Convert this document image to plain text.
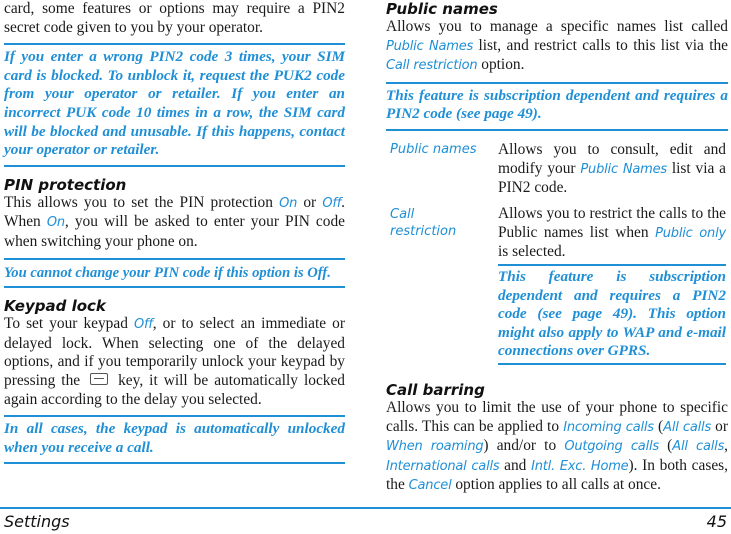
card, some features or options may require a PIN2 secret code given to you by your operator.

If you enter a wrong PIN2 code 3 times, your SIM card is blocked. To unblock it, request the PUK2 code from your operator or retailer. If you enter an incorrect PUK code 10 times in a row, the SIM card will be blocked and unusable. If this happens, contact your operator or retailer.

PIN protection

This allows you to set the PIN protection On or Off. When On, you will be asked to enter your PIN code when switching your phone on.

You cannot change your PIN code if this option is Off.

Keypad lock

To set your keypad Off, or to select an immediate or delayed lock. When selecting one of the delayed options, and if you temporarily unlock your keypad by pressing the key, it will be automatically locked again according to the delay you selected.

In all cases, the keypad is automatically unlocked when you receive a call.

Public names

Allows you to manage a specific names list called Public Names list, and restrict calls to this list via the Call restriction option.

This feature is subscription dependent and requires a PIN2 code (see page 49).

Public names Allows you to consult, edit and modify your Public Names list via a PIN2 code.
Call
restriction
Allows you to restrict the calls to the Public names list when Public only is selected.

This feature is subscription dependent and requires a PIN2 code (see page 49). This option might also apply to WAP and e-mail connections over GPRS.

Call barring

Allows you to limit the use of your phone to specific calls. This can be applied to Incoming calls (All calls or When roaming) and/or to Outgoing calls (All calls, International calls and Intl. Exc. Home). In both cases, the Cancel option applies to all calls at once.

Settings	45
